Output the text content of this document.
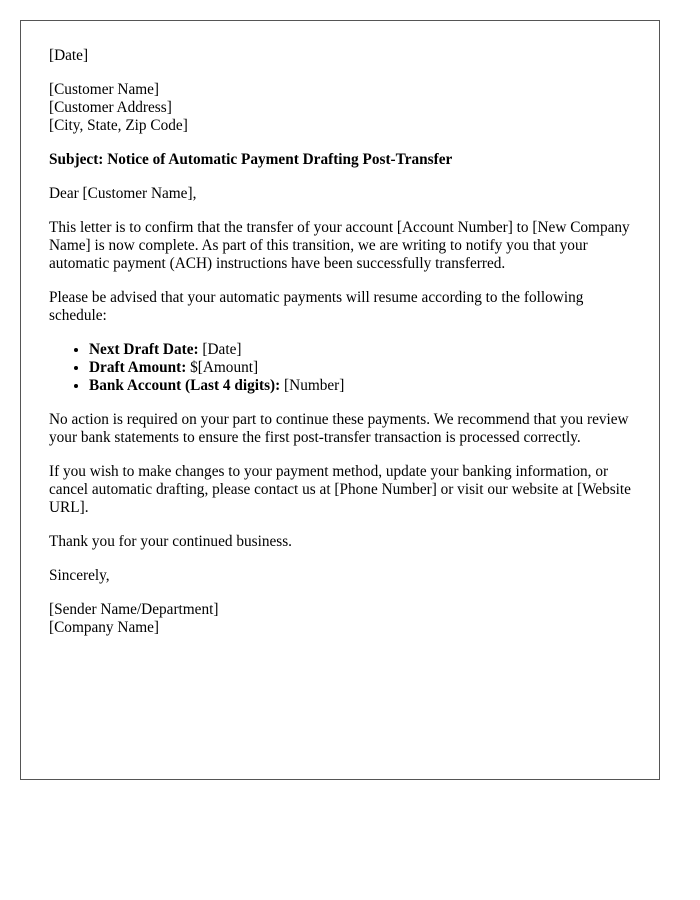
[Date]

[Customer Name]
[Customer Address]
[City, State, Zip Code]

Subject: Notice of Automatic Payment Drafting Post-Transfer

Dear [Customer Name],

This letter is to confirm that the transfer of your account [Account Number] to [New Company Name] is now complete. As part of this transition, we are writing to notify you that your automatic payment (ACH) instructions have been successfully transferred.

Please be advised that your automatic payments will resume according to the following schedule:

• Next Draft Date: [Date]
• Draft Amount: $[Amount]
• Bank Account (Last 4 digits): [Number]

No action is required on your part to continue these payments. We recommend that you review your bank statements to ensure the first post-transfer transaction is processed correctly.

If you wish to make changes to your payment method, update your banking information, or cancel automatic drafting, please contact us at [Phone Number] or visit our website at [Website URL].

Thank you for your continued business.

Sincerely,

[Sender Name/Department]
[Company Name]
